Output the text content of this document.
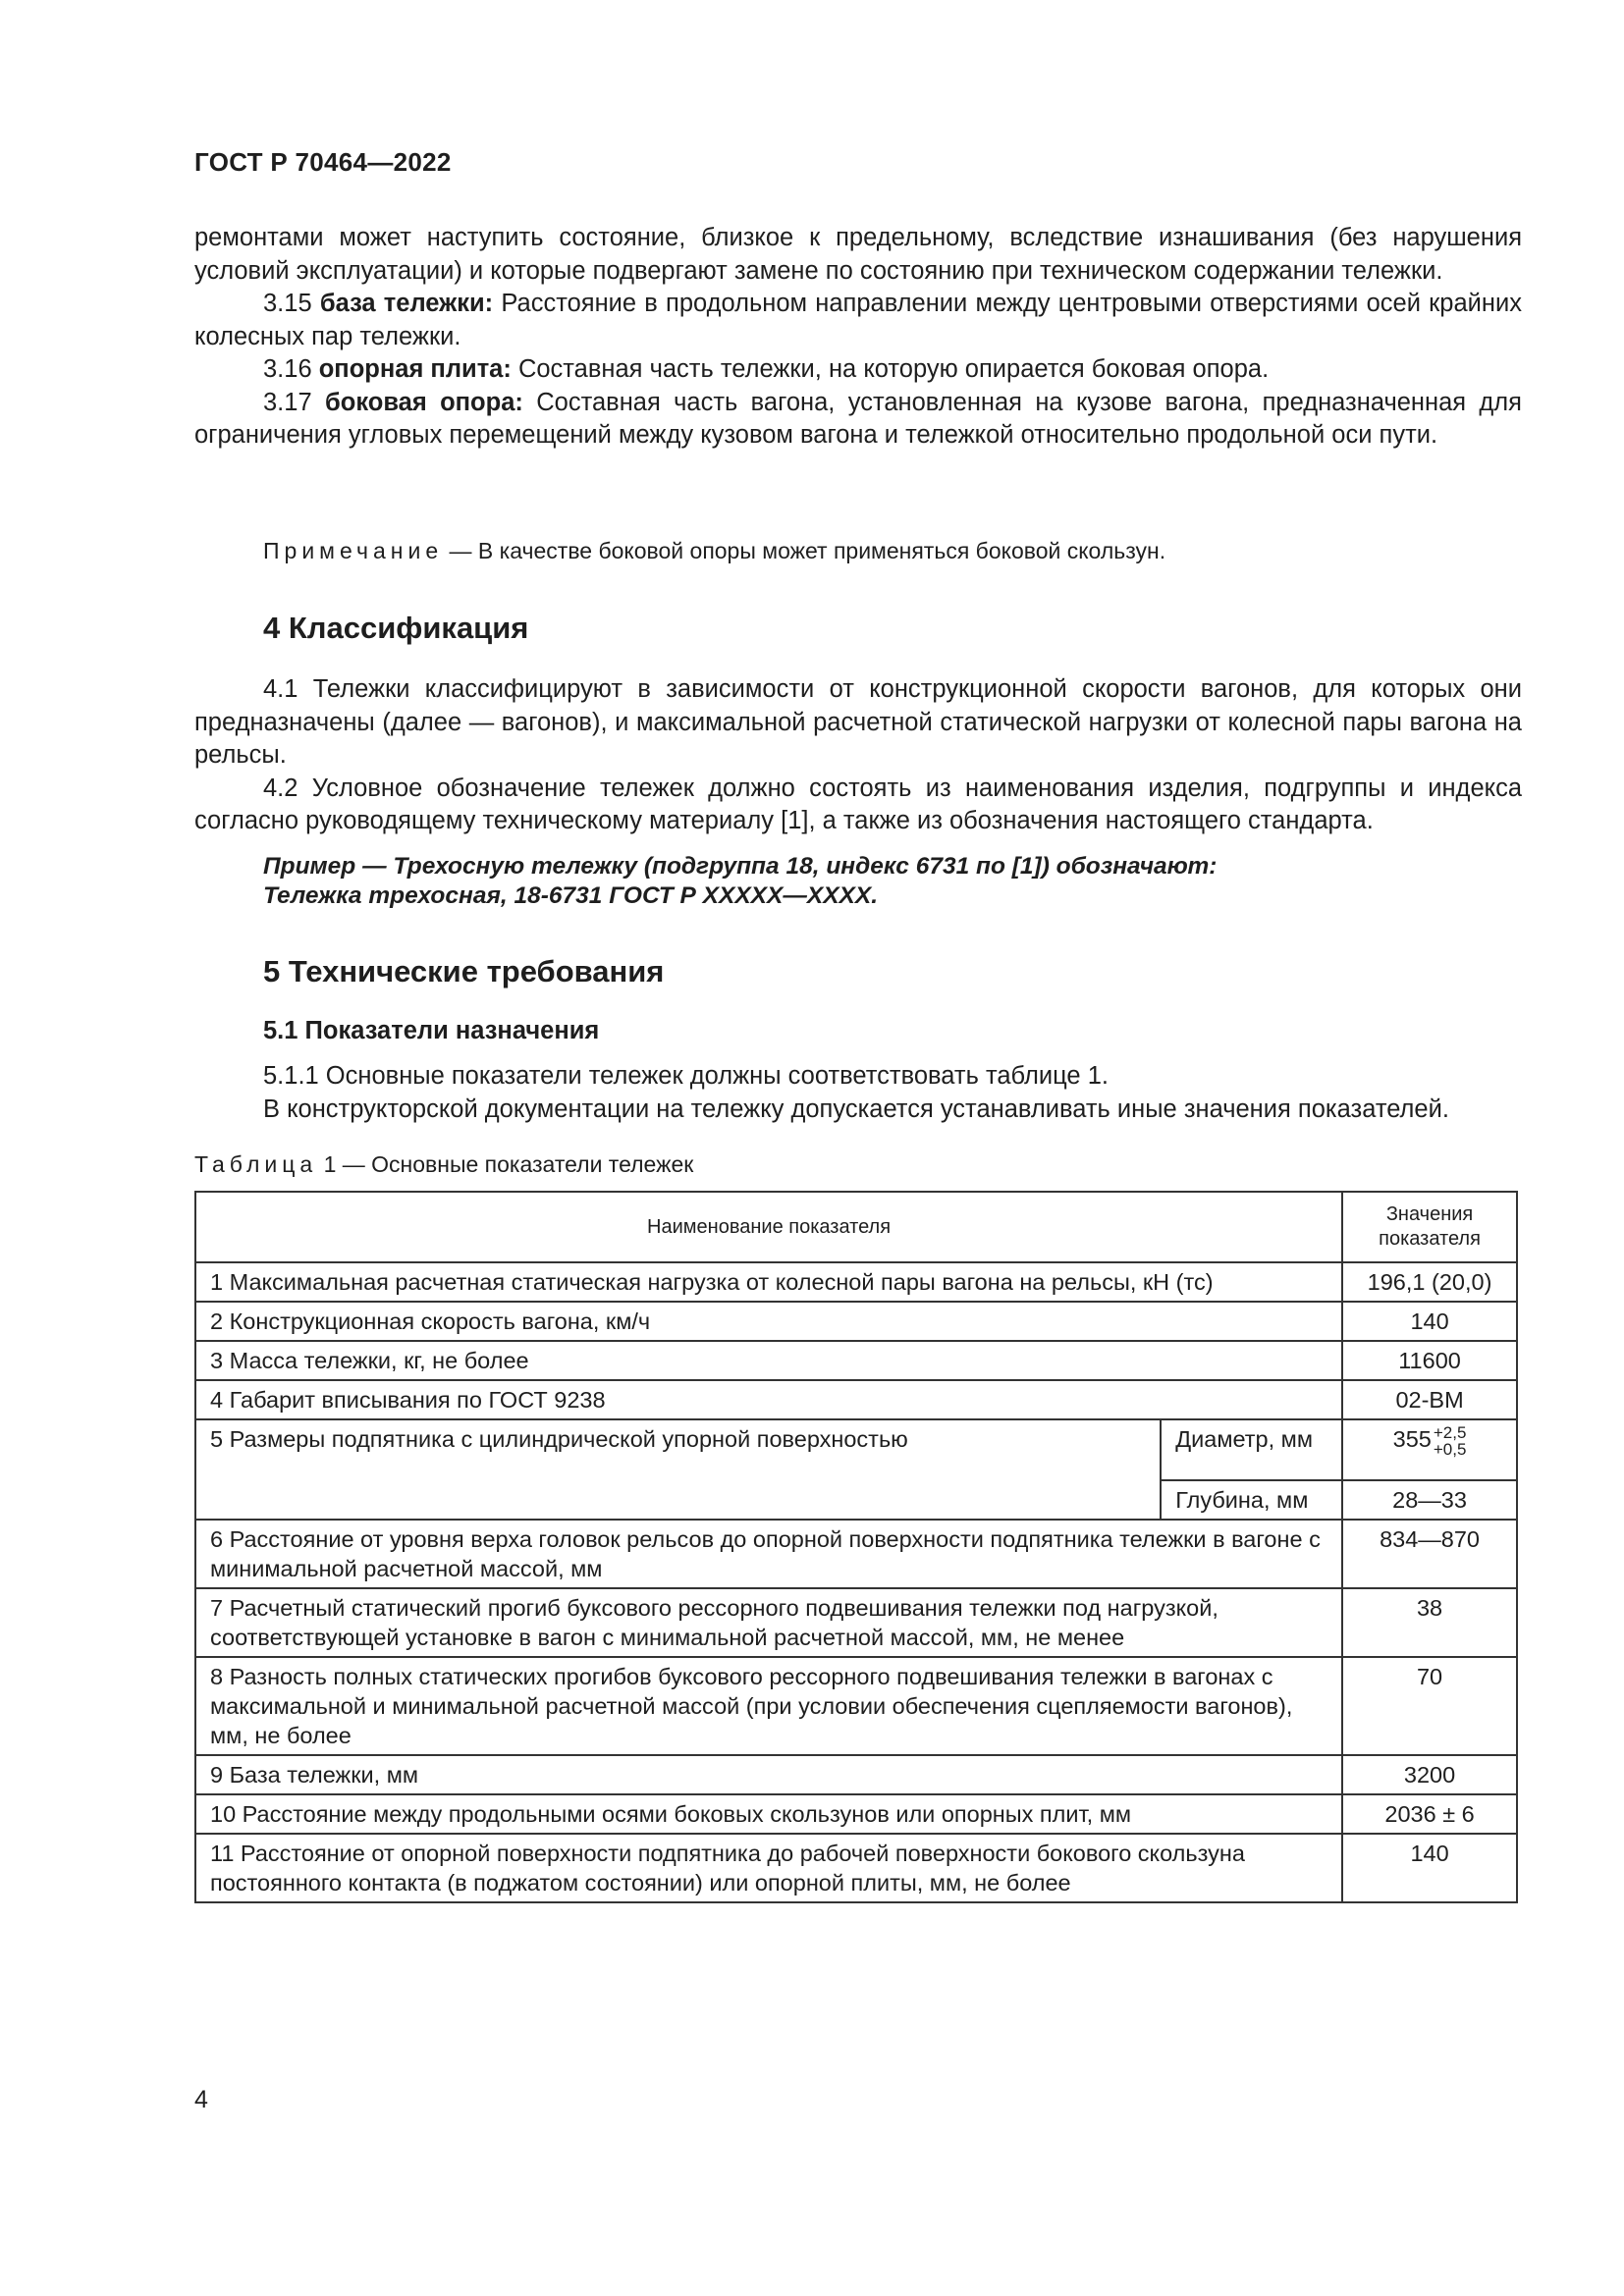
ГОСТ Р 70464—2022

ремонтами может наступить состояние, близкое к предельному, вследствие изнашивания (без нарушения условий эксплуатации) и которые подвергают замене по состоянию при техническом содержании тележки.

3.15 база тележки: Расстояние в продольном направлении между центровыми отверстиями осей крайних колесных пар тележки.

3.16 опорная плита: Составная часть тележки, на которую опирается боковая опора.

3.17 боковая опора: Составная часть вагона, установленная на кузове вагона, предназначенная для ограничения угловых перемещений между кузовом вагона и тележкой относительно продольной оси пути.

Примечание — В качестве боковой опоры может применяться боковой скользун.
4 Классификация

4.1 Тележки классифицируют в зависимости от конструкционной скорости вагонов, для которых они предназначены (далее — вагонов), и максимальной расчетной статической нагрузки от колесной пары вагона на рельсы.

4.2 Условное обозначение тележек должно состоять из наименования изделия, подгруппы и индекса согласно руководящему техническому материалу [1], а также из обозначения настоящего стандарта.

Пример — Трехосную тележку (подгруппа 18, индекс 6731 по [1]) обозначают:
Тележка трехосная, 18-6731 ГОСТ Р ХХХХХ—ХХХХ.
5 Технические требования
5.1 Показатели назначения

5.1.1 Основные показатели тележек должны соответствовать таблице 1.

В конструкторской документации на тележку допускается устанавливать иные значения показателей.

Таблица 1 — Основные показатели тележек
Наименование показателя		Значения
показателя
1 Максимальная расчетная статическая нагрузка от колесной пары вагона на рельсы, кН (тс)		196,1 (20,0)
2 Конструкционная скорость вагона, км/ч		140
3 Масса тележки, кг, не более		11600
4 Габарит вписывания по ГОСТ 9238		02-ВМ
5 Размеры подпятника с цилиндрической упорной поверхностью	Диаметр, мм	355 +2,5
+0,5

	Глубина, мм	28—33
6 Расстояние от уровня верха головок рельсов до опорной поверхности подпятника тележки в вагоне с минимальной расчетной массой, мм		834—870
7 Расчетный статический прогиб буксового рессорного подвешивания тележки под нагрузкой, соответствующей установке в вагон с минимальной расчетной массой, мм, не менее		38
8 Разность полных статических прогибов буксового рессорного подвешивания тележки в вагонах с максимальной и минимальной расчетной массой (при условии обеспечения сцепляемости вагонов), мм, не более		70
9 База тележки, мм		3200
10 Расстояние между продольными осями боковых скользунов или опорных плит, мм		2036 ± 6
11 Расстояние от опорной поверхности подпятника до рабочей поверхности бокового скользуна постоянного контакта (в поджатом состоянии) или опорной плиты, мм, не более		140
4
